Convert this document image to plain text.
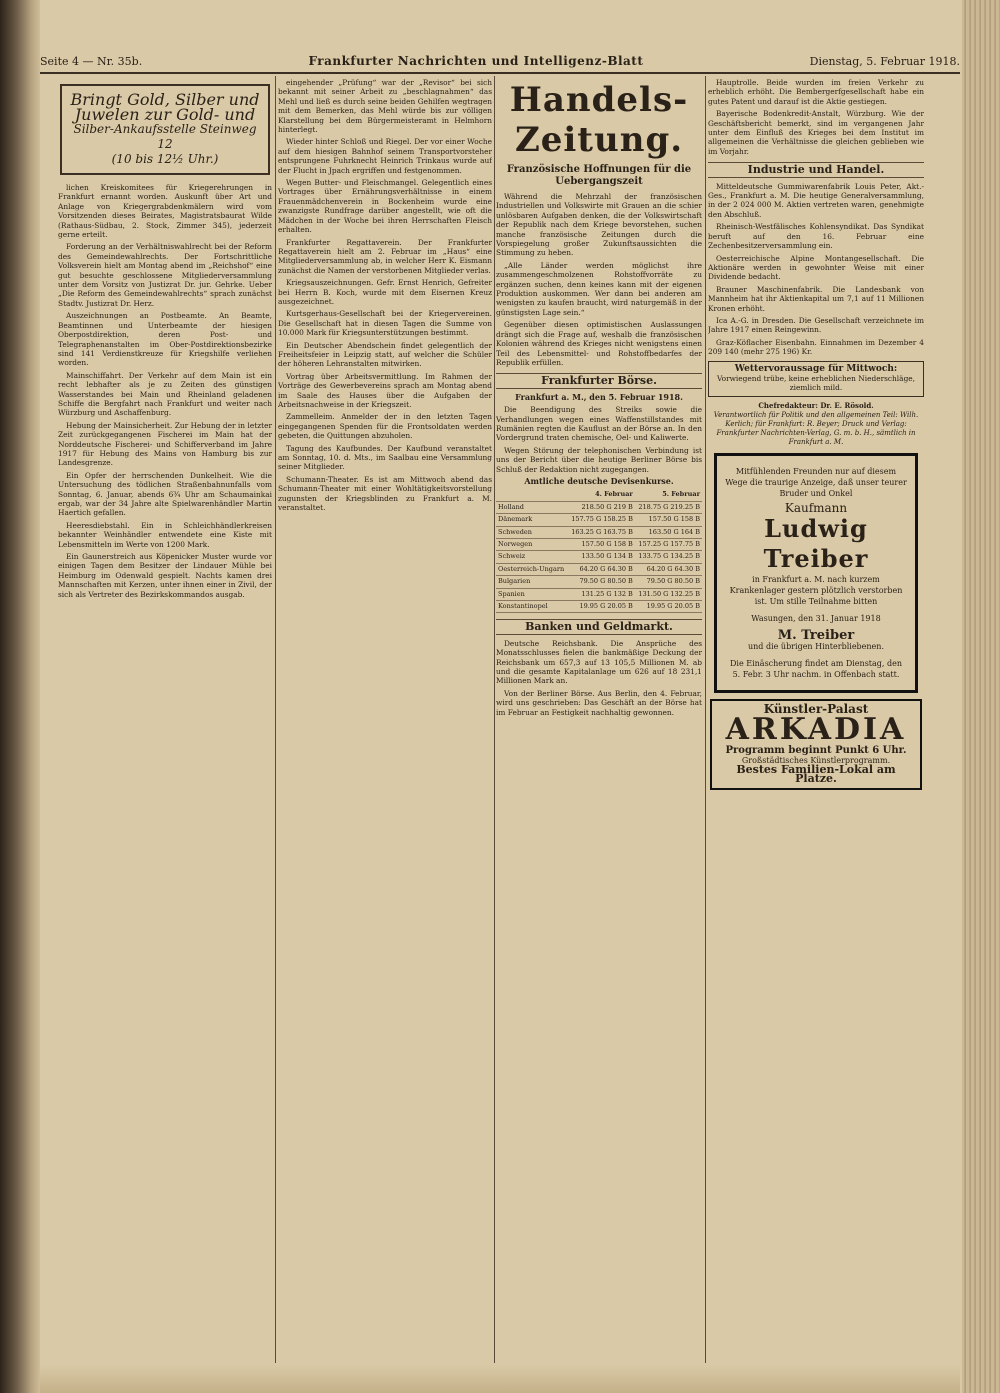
Seite 4 — Nr. 35b.	Frankfurter Nachrichten und Intelligenz-Blatt	Dienstag, 5. Februar 1918.
Bringt Gold, Silber und
Juwelen zur Gold- und
Silber-Ankaufsstelle Steinweg 12
(10 bis 12½ Uhr.)

lichen Kreiskomitees für Kriegerehrungen in Frankfurt ernannt worden. Auskunft über Art und Anlage von Kriegergrabdenkmälern wird vom Vorsitzenden dieses Beirates, Magistratsbaurat Wilde (Rathaus-Südbau, 2. Stock, Zimmer 345), jederzeit gerne erteilt.

Forderung an der Verhältniswahlrecht bei der Reform des Gemeindewahlrechts. Der Fortschrittliche Volksverein hielt am Montag abend im „Reichshof“ eine gut besuchte geschlossene Mitgliederversammlung unter dem Vorsitz von Justizrat Dr. jur. Gehrke. Ueber „Die Reform des Gemeindewahlrechts“ sprach zunächst Stadtv. Justizrat Dr. Herz.

Auszeichnungen an Postbeamte. An Beamte, Beamtinnen und Unterbeamte der hiesigen Oberpostdirektion, deren Post- und Telegraphenanstalten im Ober-Postdirektionsbezirke sind 141 Verdienstkreuze für Kriegshilfe verliehen worden.

Mainschiffahrt. Der Verkehr auf dem Main ist ein recht lebhafter als je zu Zeiten des günstigen Wasserstandes bei Main und Rheinland geladenen Schiffe die Bergfahrt nach Frankfurt und weiter nach Würzburg und Aschaffenburg.

Hebung der Mainsicherheit. Zur Hebung der in letzter Zeit zurückgegangenen Fischerei im Main hat der Norddeutsche Fischerei- und Schifferverband im Jahre 1917 für Hebung des Mains von Hamburg bis zur Landesgrenze.

Ein Opfer der herrschenden Dunkelheit. Wie die Untersuchung des tödlichen Straßenbahnunfalls vom Sonntag, 6. Januar, abends 6¾ Uhr am Schaumainkai ergab, war der 34 Jahre alte Spielwarenhändler Martin Haertich gefallen.

Heeresdiebstahl. Ein in Schleichhändlerkreisen bekannter Weinhändler entwendete eine Kiste mit Lebensmitteln im Werte von 1200 Mark.

Ein Gaunerstreich aus Köpenicker Muster wurde vor einigen Tagen dem Besitzer der Lindauer Mühle bei Heimburg im Odenwald gespielt. Nachts kamen drei Mannschaften mit Kerzen, unter ihnen einer in Zivil, der sich als Vertreter des Bezirkskommandos ausgab.

eingehender „Prüfung“ war der „Revisor“ bei sich bekannt mit seiner Arbeit zu „beschlagnahmen“ das Mehl und ließ es durch seine beiden Gehilfen wegtragen mit dem Bemerken, das Mehl würde bis zur völligen Klarstellung bei dem Bürgermeisteramt in Helmhorn hinterlegt.

Wieder hinter Schloß und Riegel. Der vor einer Woche auf dem hiesigen Bahnhof seinem Transportvorsteher entsprungene Fuhrknecht Heinrich Trinkaus wurde auf der Flucht in Jpach ergriffen und festgenommen.

Wegen Butter- und Fleischmangel. Gelegentlich eines Vortrages über Ernährungsverhältnisse in einem Frauenmädchenverein in Bockenheim wurde eine zwanzigste Rundfrage darüber angestellt, wie oft die Mädchen in der Woche bei ihren Herrschaften Fleisch erhalten.

Frankfurter Regattaverein. Der Frankfurter Regattaverein hielt am 2. Februar im „Haus“ eine Mitgliederversammlung ab, in welcher Herr K. Eismann zunächst die Namen der verstorbenen Mitglieder verlas.

Kriegsauszeichnungen. Gefr. Ernst Henrich, Gefreiter bei Herrn B. Koch, wurde mit dem Eisernen Kreuz ausgezeichnet.

Kurtsgerhaus-Gesellschaft bei der Kriegervereinen. Die Gesellschaft hat in diesen Tagen die Summe von 10.000 Mark für Kriegsunterstützungen bestimmt.

Ein Deutscher Abendschein findet gelegentlich der Freiheitsfeier in Leipzig statt, auf welcher die Schüler der höheren Lehranstalten mitwirken.

Vortrag über Arbeitsvermittlung. Im Rahmen der Vorträge des Gewerbevereins sprach am Montag abend im Saale des Hauses über die Aufgaben der Arbeitsnachweise in der Kriegszeit.

Zammelleim. Anmelder der in den letzten Tagen eingegangenen Spenden für die Frontsoldaten werden gebeten, die Quittungen abzuholen.

Tagung des Kaufbundes. Der Kaufbund veranstaltet am Sonntag, 10. d. Mts., im Saalbau eine Versammlung seiner Mitglieder.

Schumann-Theater. Es ist am Mittwoch abend das Schumann-Theater mit einer Wohltätigkeitsvorstellung zugunsten der Kriegsblinden zu Frankfurt a. M. veranstaltet.

Handels-Zeitung.
Französische Hoffnungen für die Uebergangszeit

Während die Mehrzahl der französischen Industriellen und Volkswirte mit Grauen an die schier unlösbaren Aufgaben denken, die der Volkswirtschaft der Republik nach dem Kriege bevorstehen, suchen manche französische Zeitungen durch die Vorspiegelung großer Zukunftsaussichten die Stimmung zu heben.

„Alle Länder werden möglichst ihre zusammengeschmolzenen Rohstoffvorräte zu ergänzen suchen, denn keines kann mit der eigenen Produktion auskommen. Wer dann bei anderen am wenigsten zu kaufen braucht, wird naturgemäß in der günstigsten Lage sein.“

Gegenüber diesen optimistischen Auslassungen drängt sich die Frage auf, weshalb die französischen Kolonien während des Krieges nicht wenigstens einen Teil des Lebensmittel- und Rohstoffbedarfes der Republik erfüllen.

Frankfurter Börse.
Frankfurt a. M., den 5. Februar 1918.

Die Beendigung des Streiks sowie die Verhandlungen wegen eines Waffenstillstandes mit Rumänien regten die Kauflust an der Börse an. In den Vordergrund traten chemische, Oel- und Kaliwerte.

Wegen Störung der telephonischen Verbindung ist uns der Bericht über die heutige Berliner Börse bis Schluß der Redaktion nicht zugegangen.

Amtliche deutsche Devisenkurse.
	4. Februar	5. Februar
Holland	218.50 G 219 B	218.75 G 219.25 B
Dänemark	157.75 G 158.25 B	157.50 G 158 B
Schweden	163.25 G 163.75 B	163.50 G 164 B
Norwegen	157.50 G 158 B	157.25 G 157.75 B
Schweiz	133.50 G 134 B	133.75 G 134.25 B
Oesterreich-Ungarn	64.20 G 64.30 B	64.20 G 64.30 B
Bulgarien	79.50 G 80.50 B	79.50 G 80.50 B
Spanien	131.25 G 132 B	131.50 G 132.25 B
Konstantinopel	19.95 G 20.05 B	19.95 G 20.05 B
Banken und Geldmarkt.

Deutsche Reichsbank. Die Ansprüche des Monatsschlusses fielen die bankmäßige Deckung der Reichsbank um 657,3 auf 13 105,5 Millionen M. ab und die gesamte Kapitalanlage um 626 auf 18 231,1 Millionen Mark an.

Von der Berliner Börse. Aus Berlin, den 4. Februar, wird uns geschrieben: Das Geschäft an der Börse hat im Februar an Festigkeit nachhaltig gewonnen.

Hauptrolle. Beide wurden im freien Verkehr zu erheblich erhöht. Die Bembergerfgesellschaft habe ein gutes Patent und darauf ist die Aktie gestiegen.

Bayerische Bodenkredit-Anstalt, Würzburg. Wie der Geschäftsbericht bemerkt, sind im vergangenen Jahr unter dem Einfluß des Krieges bei dem Institut im allgemeinen die Verhältnisse die gleichen geblieben wie im Vorjahr.

Industrie und Handel.

Mitteldeutsche Gummiwarenfabrik Louis Peter, Akt.-Ges., Frankfurt a. M. Die heutige Generalversammlung, in der 2 024 000 M. Aktien vertreten waren, genehmigte den Abschluß.

Rheinisch-Westfälisches Kohlensyndikat. Das Syndikat beruft auf den 16. Februar eine Zechenbesitzerversammlung ein.

Oesterreichische Alpine Montangesellschaft. Die Aktionäre werden in gewohnter Weise mit einer Dividende bedacht.

Brauner Maschinenfabrik. Die Landesbank von Mannheim hat ihr Aktienkapital um 7,1 auf 11 Millionen Kronen erhöht.

Ica A.-G. in Dresden. Die Gesellschaft verzeichnete im Jahre 1917 einen Reingewinn.

Graz-Köflacher Eisenbahn. Einnahmen im Dezember 4 209 140 (mehr 275 196) Kr.

Wettervoraussage für Mittwoch:
Vorwiegend trübe, keine erheblichen Niederschläge, ziemlich mild.
Chefredakteur: Dr. E. Rösold.
Verantwortlich für Politik und den allgemeinen Teil: Wilh. Kerlich; für Frankfurt: R. Beyer; Druck und Verlag: Frankfurter Nachrichten-Verlag, G. m. b. H., sämtlich in Frankfurt a. M.
Mitfühlenden Freunden nur auf diesem Wege die traurige Anzeige, daß unser teurer Bruder und Onkel
Kaufmann
Ludwig Treiber
in Frankfurt a. M. nach kurzem Krankenlager gestern plötzlich verstorben ist. Um stille Teilnahme bitten
Wasungen, den 31. Januar 1918
M. Treiber
und die übrigen Hinterbliebenen.
Die Einäscherung findet am Dienstag, den 5. Febr. 3 Uhr nachm. in Offenbach statt.
Künstler-Palast
ARKADIA
Programm beginnt Punkt 6 Uhr.
Großstädtisches Künstlerprogramm.
Bestes Familien-Lokal am Platze.
